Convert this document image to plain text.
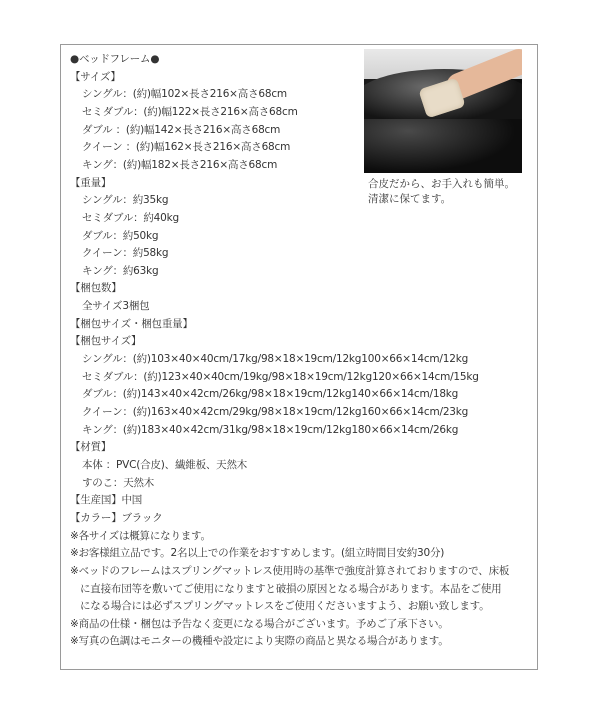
合皮だから、お手入れも簡単。
清潔に保てます。
●ベッドフレーム●
【サイズ】
シングル：(約)幅102×長さ216×高さ68cm
セミダブル：(約)幅122×長さ216×高さ68cm
ダブル ：(約)幅142×長さ216×高さ68cm
クイーン ：(約)幅162×長さ216×高さ68cm
キング：(約)幅182×長さ216×高さ68cm
【重量】
シングル：約35kg
セミダブル：約40kg
ダブル：約50kg
クイーン：約58kg
キング：約63kg
【梱包数】
全サイズ3梱包
【梱包サイズ・梱包重量】
【梱包サイズ】
シングル：(約)103×40×40cm/17kg/98×18×19cm/12kg100×66×14cm/12kg
セミダブル：(約)123×40×40cm/19kg/98×18×19cm/12kg120×66×14cm/15kg
ダブル：(約)143×40×42cm/26kg/98×18×19cm/12kg140×66×14cm/18kg
クイーン：(約)163×40×42cm/29kg/98×18×19cm/12kg160×66×14cm/23kg
キング：(約)183×40×42cm/31kg/98×18×19cm/12kg180×66×14cm/26kg
【材質】
本体 ：PVC(合皮)、繊維板、天然木
すのこ：天然木
【生産国】中国
【カラー】ブラック
※各サイズは概算になります。
※お客様組立品です。2名以上での作業をおすすめします。(組立時間目安約30分)
※ベッドのフレームはスプリングマットレス使用時の基準で強度計算されておりますので、床板
に直接布団等を敷いてご使用になりますと破損の原因となる場合があります。本品をご使用
になる場合には必ずスプリングマットレスをご使用くださいますよう、お願い致します。
※商品の仕様・梱包は予告なく変更になる場合がございます。予めご了承下さい。
※写真の色調はモニターの機種や設定により実際の商品と異なる場合があります。
